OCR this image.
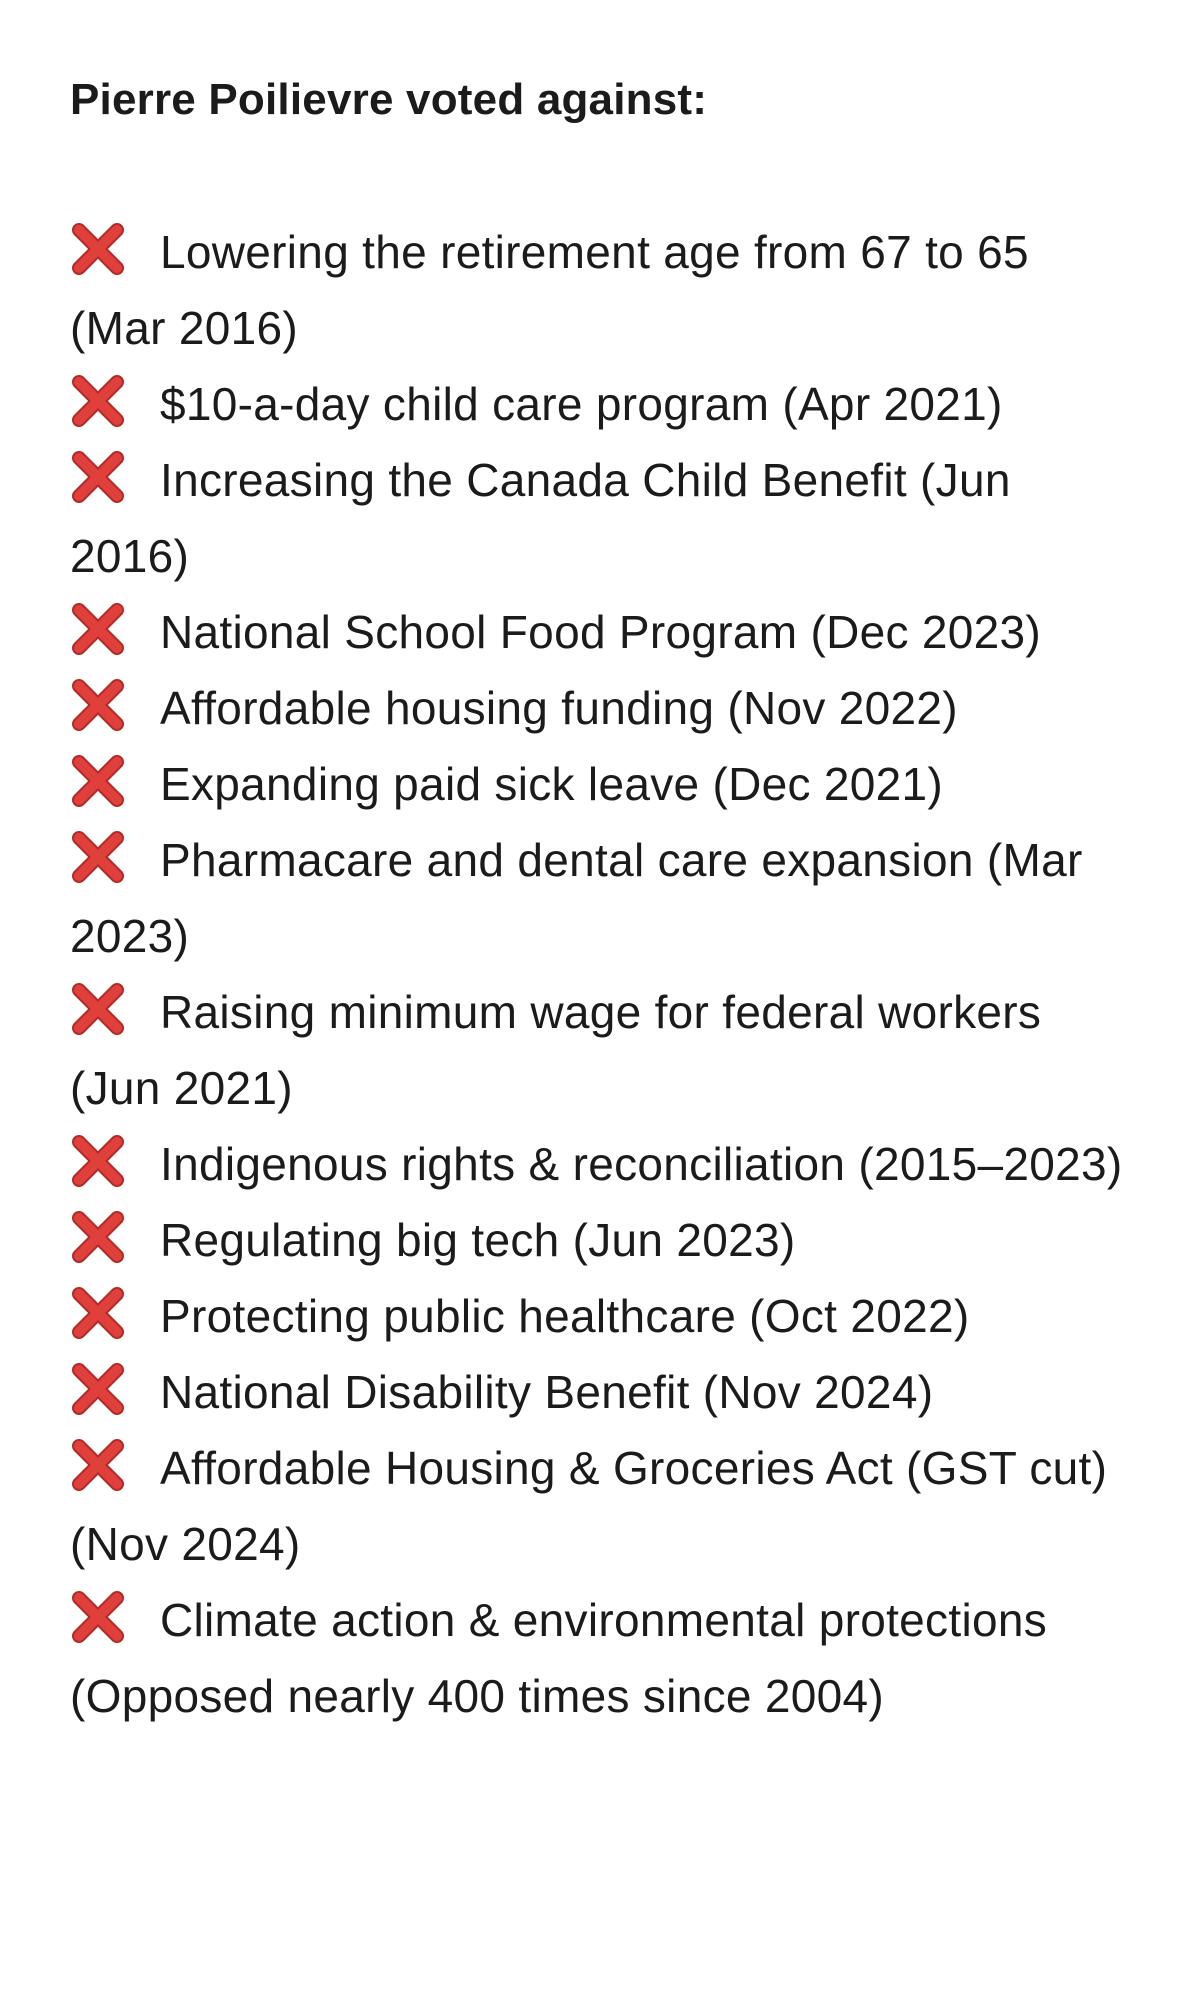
Pierre Poilievre voted against:

Lowering the retirement age from 67 to 65 (Mar 2016)
$10-a-day child care program (Apr 2021)
Increasing the Canada Child Benefit (Jun 2016)
National School Food Program (Dec 2023)
Affordable housing funding (Nov 2022)
Expanding paid sick leave (Dec 2021)
Pharmacare and dental care expansion (Mar 2023)
Raising minimum wage for federal workers (Jun 2021)
Indigenous rights & reconciliation (2015–2023)
Regulating big tech (Jun 2023)
Protecting public healthcare (Oct 2022)
National Disability Benefit (Nov 2024)
Affordable Housing & Groceries Act (GST cut) (Nov 2024)
Climate action & environmental protections (Opposed nearly 400 times since 2004)
